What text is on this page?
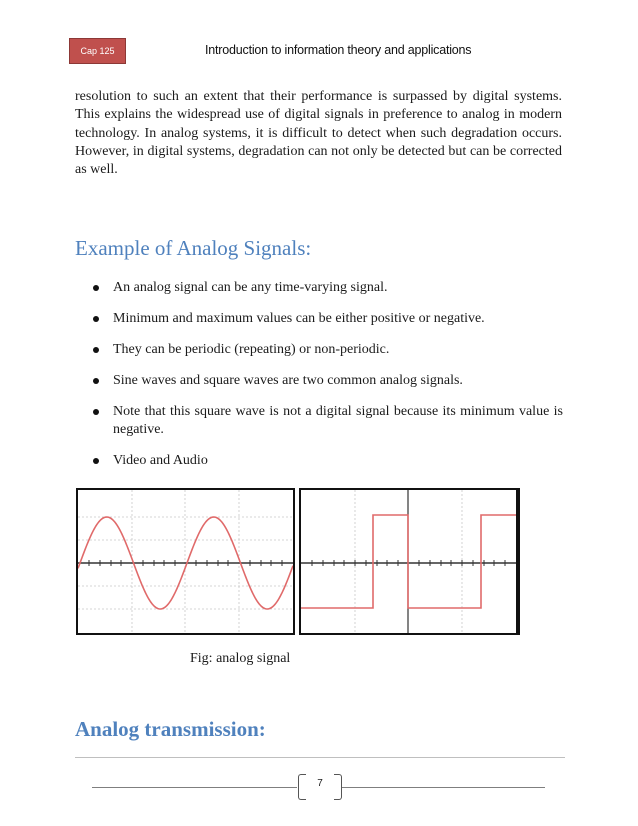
Cap 125	Introduction to information theory and applications

resolution to such an extent that their performance is surpassed by digital systems. This explains the widespread use of digital signals in preference to analog in modern technology. In analog systems, it is difficult to detect when such degradation occurs. However, in digital systems, degradation can not only be detected but can be corrected as well.

Example of Analog Signals:
An analog signal can be any time-varying signal.
Minimum and maximum values can be either positive or negative.
They can be periodic (repeating) or non-periodic.
Sine waves and square waves are two common analog signals.
Note that this square wave is not a digital signal because its minimum value is negative.
Video and Audio
Fig: analog signal
Analog transmission:
7
